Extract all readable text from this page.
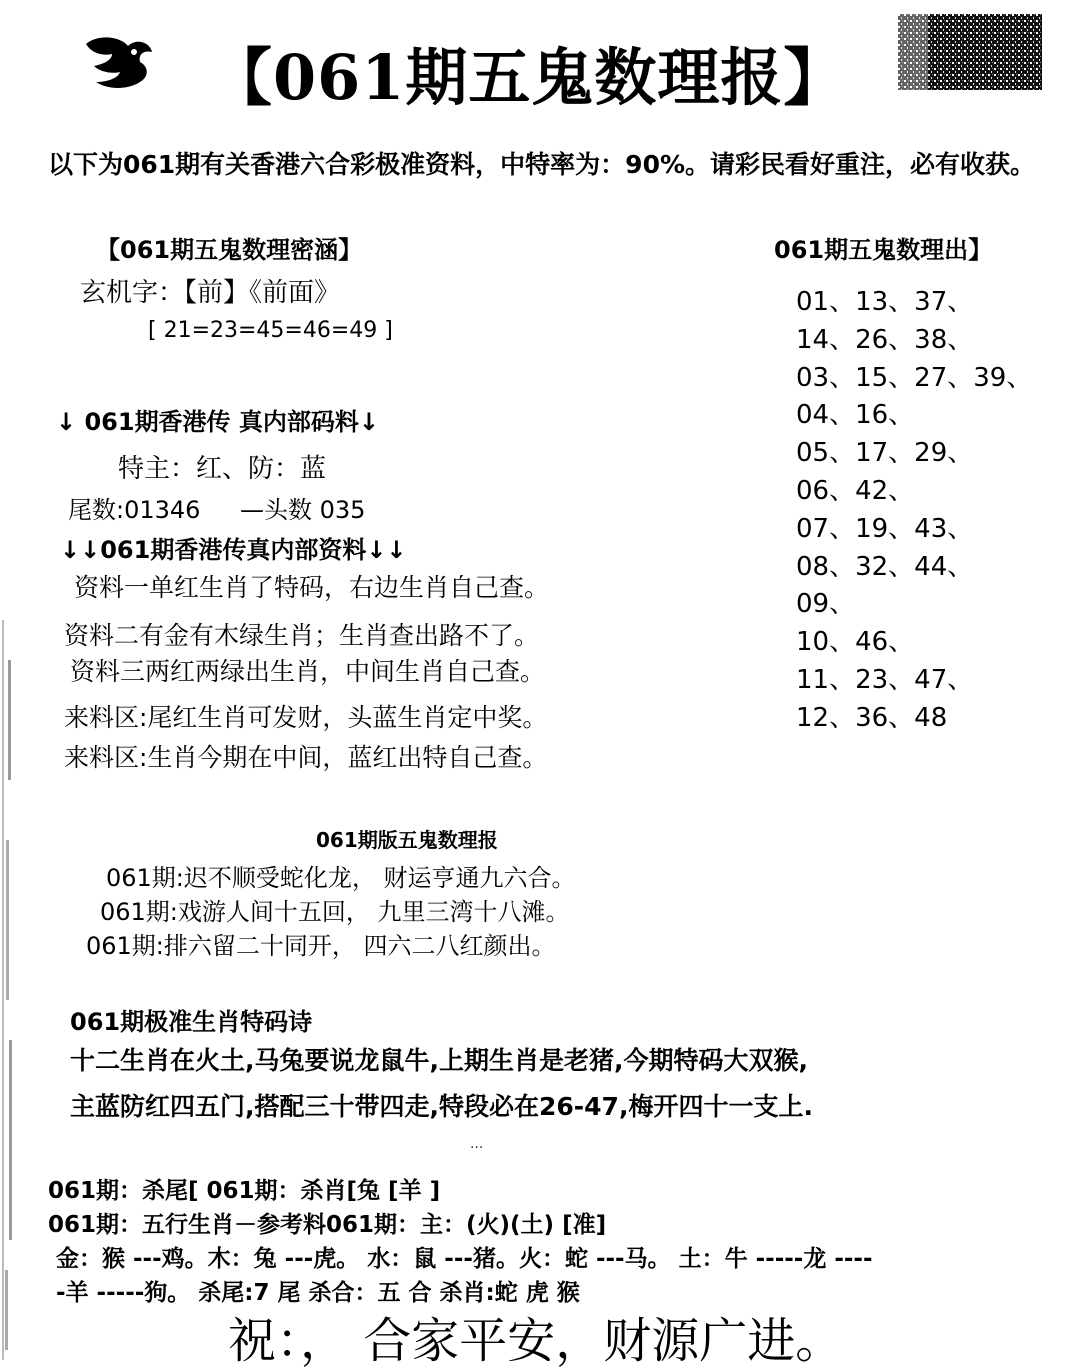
【061期五鬼数理报】
以下为061期有关香港六合彩极准资料，中特率为：90%。请彩民看好重注，必有收获。
【061期五鬼数理密涵】
玄机字：【前】《前面》
[ 21=23=45=46=49 ]
↓ 061期香港传 真内部码料↓
特主：红、防：蓝
尾数:01346 —头数 035
↓↓061期香港传真内部资料↓↓
资料一单红生肖了特码，右边生肖自己查。
资料二有金有木绿生肖；生肖查出路不了。
资料三两红两绿出生肖，中间生肖自己查。
来料区:尾红生肖可发财，头蓝生肖定中奖。
来料区:生肖今期在中间，蓝红出特自己查。
061期五鬼数理出】
01、13、37、
14、26、38、
03、15、27、39、
04、16、
05、17、29、
06、42、
07、19、43、
08、32、44、
09、
10、46、
11、23、47、
12、36、48
061期版五鬼数理报
061期:迟不顺受蛇化龙， 财运亨通九六合。
061期:戏游人间十五回， 九里三湾十八滩。
061期:排六留二十同开， 四六二八红颜出。
061期极准生肖特码诗
十二生肖在火土,马兔要说龙鼠牛,上期生肖是老猪,今期特码大双猴,
主蓝防红四五门,搭配三十带四走,特段必在26-47,梅开四十一支上.
...
061期：杀尾[ 061期：杀肖[兔 [羊 ]
061期：五行生肖－参考料061期：主：(火)(土) [准]
金：猴 ---鸡。木：兔 ---虎。 水：鼠 ---猪。火：蛇 ---马。 土：牛 -----龙 ----
-羊 -----狗。 杀尾:7 尾 杀合：五 合 杀肖:蛇 虎 猴
祝：， 合家平安，财源广进。
